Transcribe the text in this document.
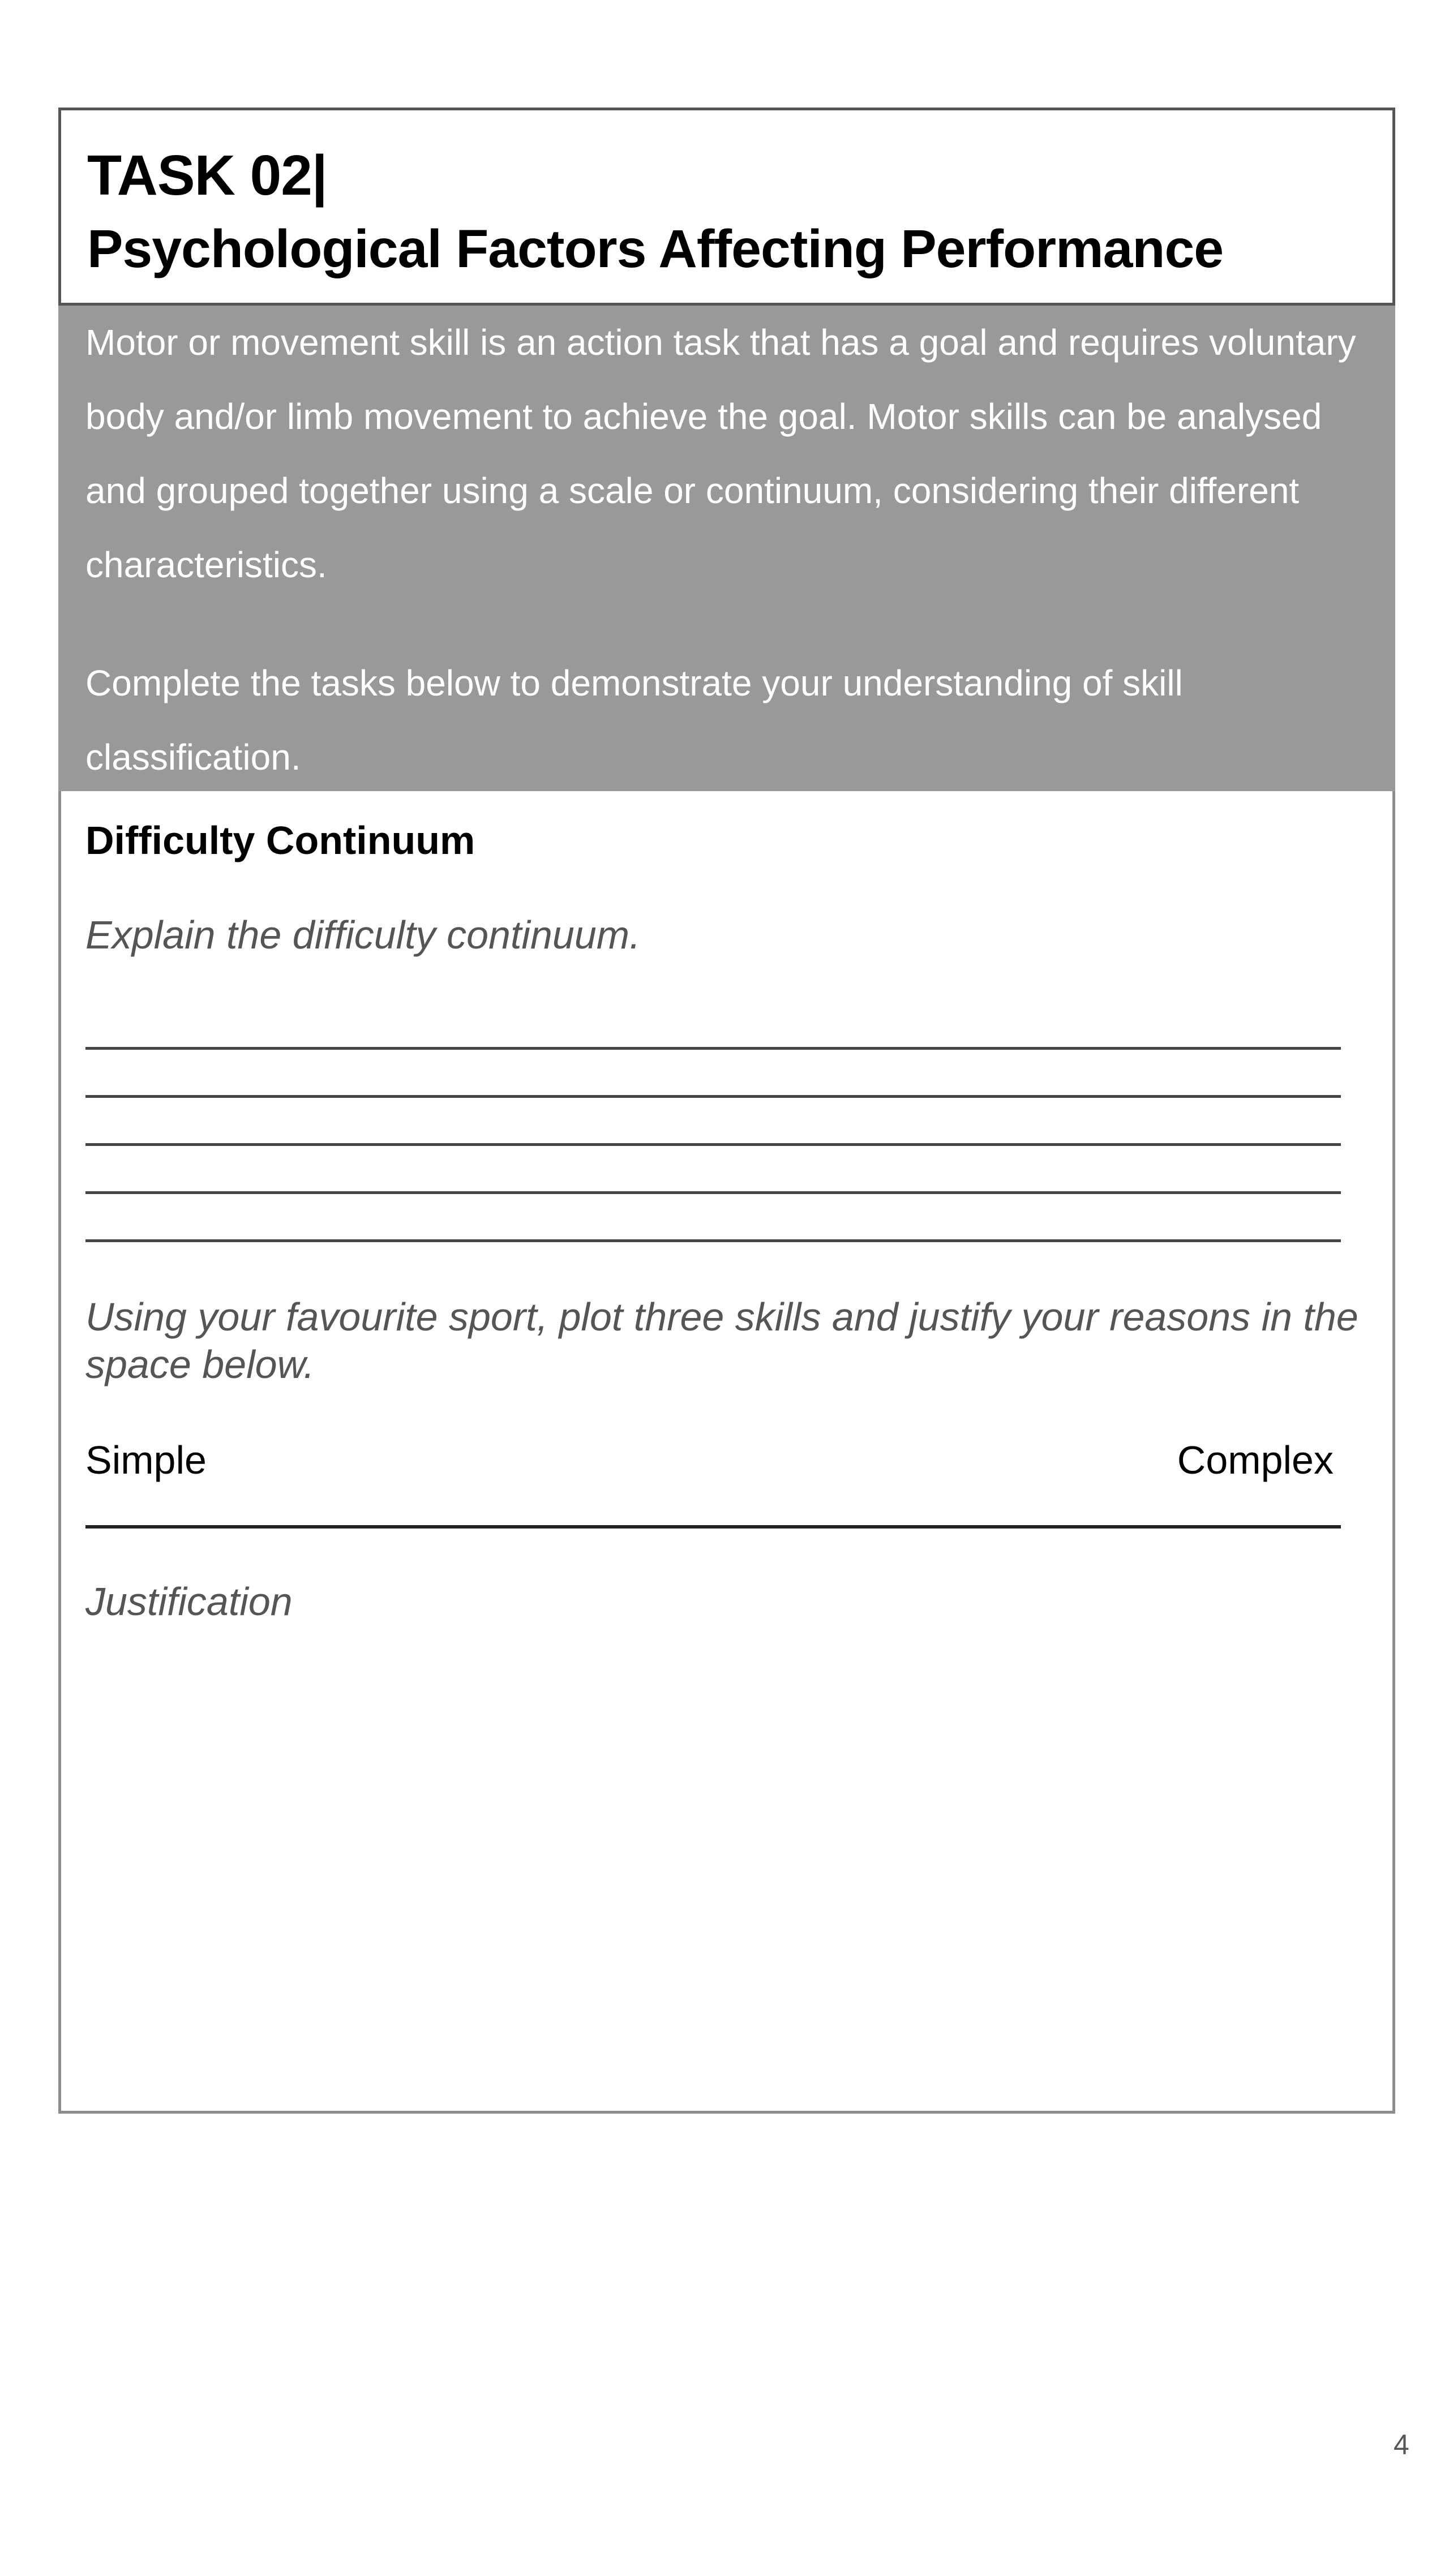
TASK 02|
Psychological Factors Affecting Performance

Motor or movement skill is an action task that has a goal and requires voluntary body and/or limb movement to achieve the goal. Motor skills can be analysed and grouped together using a scale or continuum, considering their different characteristics.

Complete the tasks below to demonstrate your understanding of skill classification.

Difficulty Continuum

Explain the difficulty continuum.

Using your favourite sport, plot three skills and justify your reasons in the space below.

Simple	Complex

Justification

4
